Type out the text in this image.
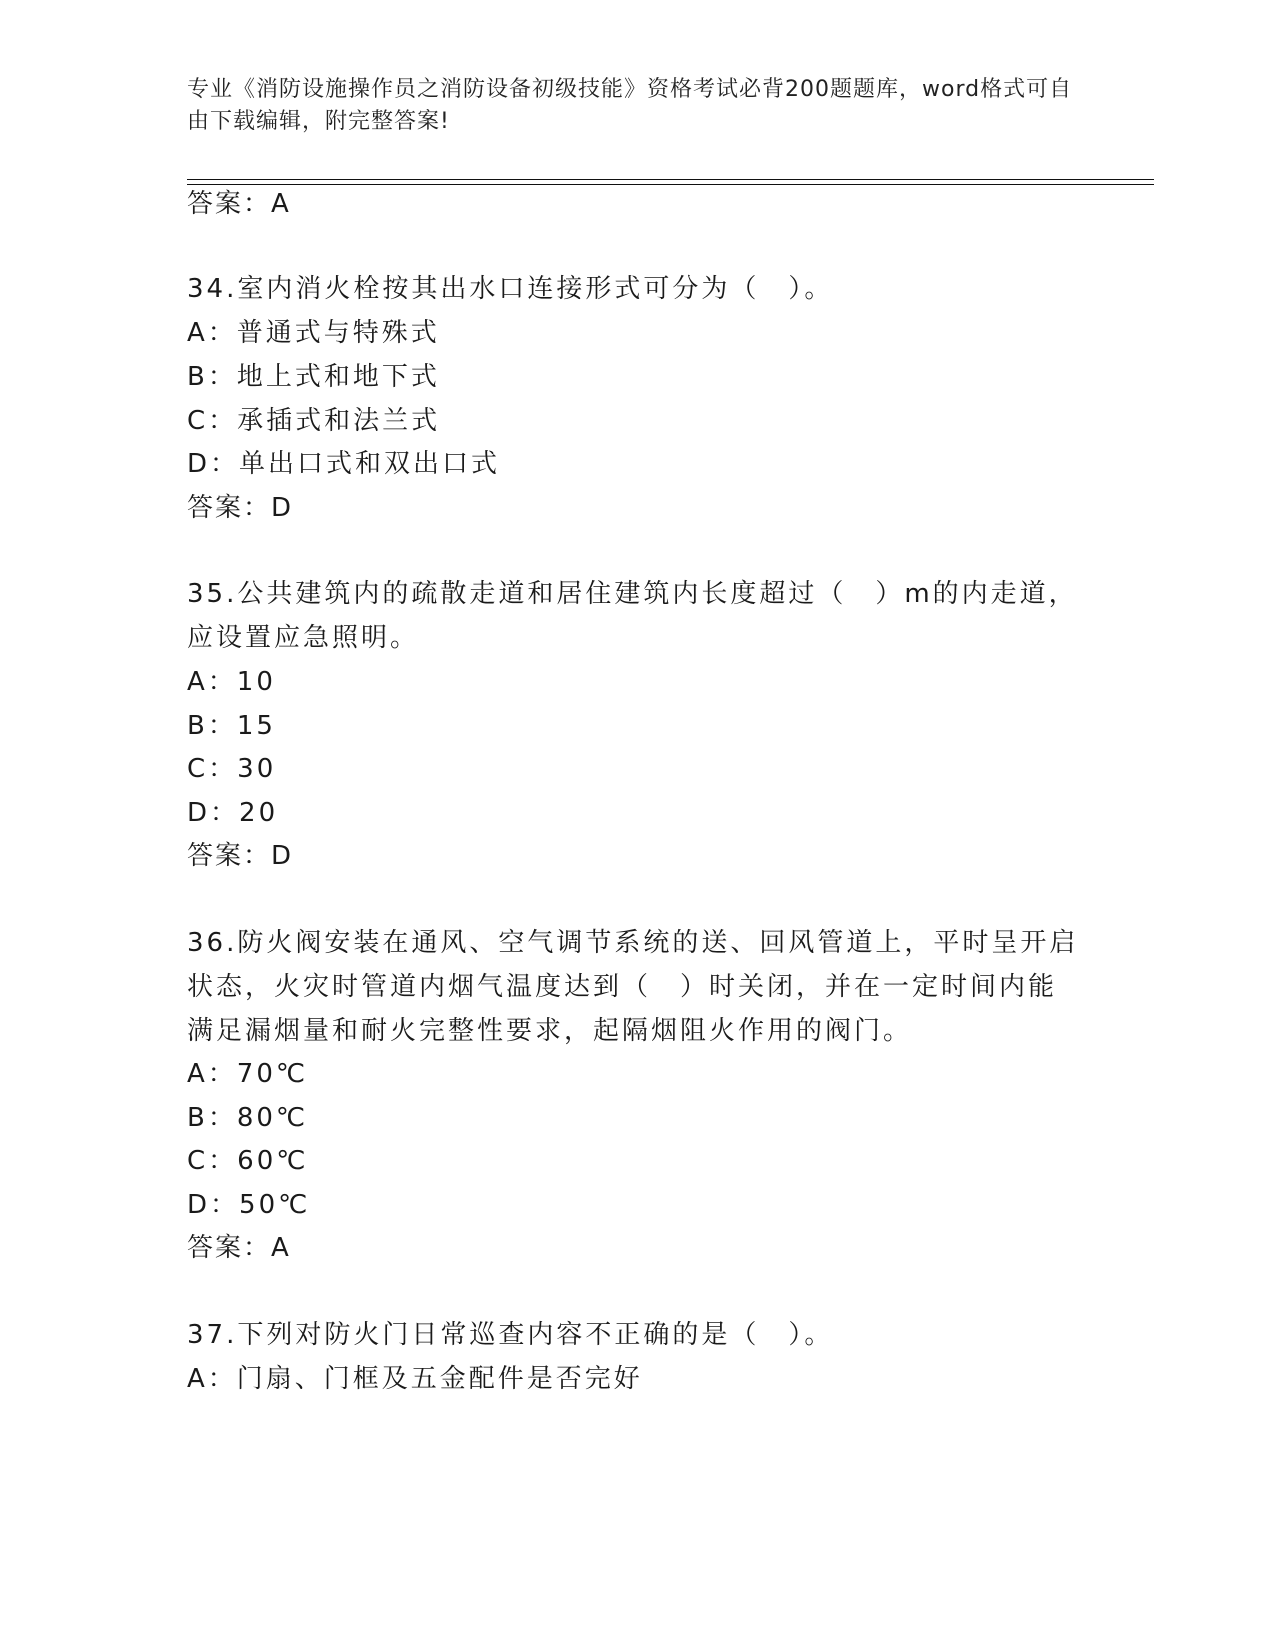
专业《消防设施操作员之消防设备初级技能》资格考试必背200题题库，word格式可自由下载编辑，附完整答案!
答案：A
34.室内消火栓按其出水口连接形式可分为（　）。
A：普通式与特殊式
B：地上式和地下式
C：承插式和法兰式
D：单出口式和双出口式
答案：D
35.公共建筑内的疏散走道和居住建筑内长度超过（　）m的内走道，
应设置应急照明。
A：10
B：15
C：30
D：20
答案：D
36.防火阀安装在通风、空气调节系统的送、回风管道上，平时呈开启
状态，火灾时管道内烟气温度达到（　）时关闭，并在一定时间内能
满足漏烟量和耐火完整性要求，起隔烟阻火作用的阀门。
A：70℃
B：80℃
C：60℃
D：50℃
答案：A
37.下列对防火门日常巡查内容不正确的是（　）。
A：门扇、门框及五金配件是否完好
